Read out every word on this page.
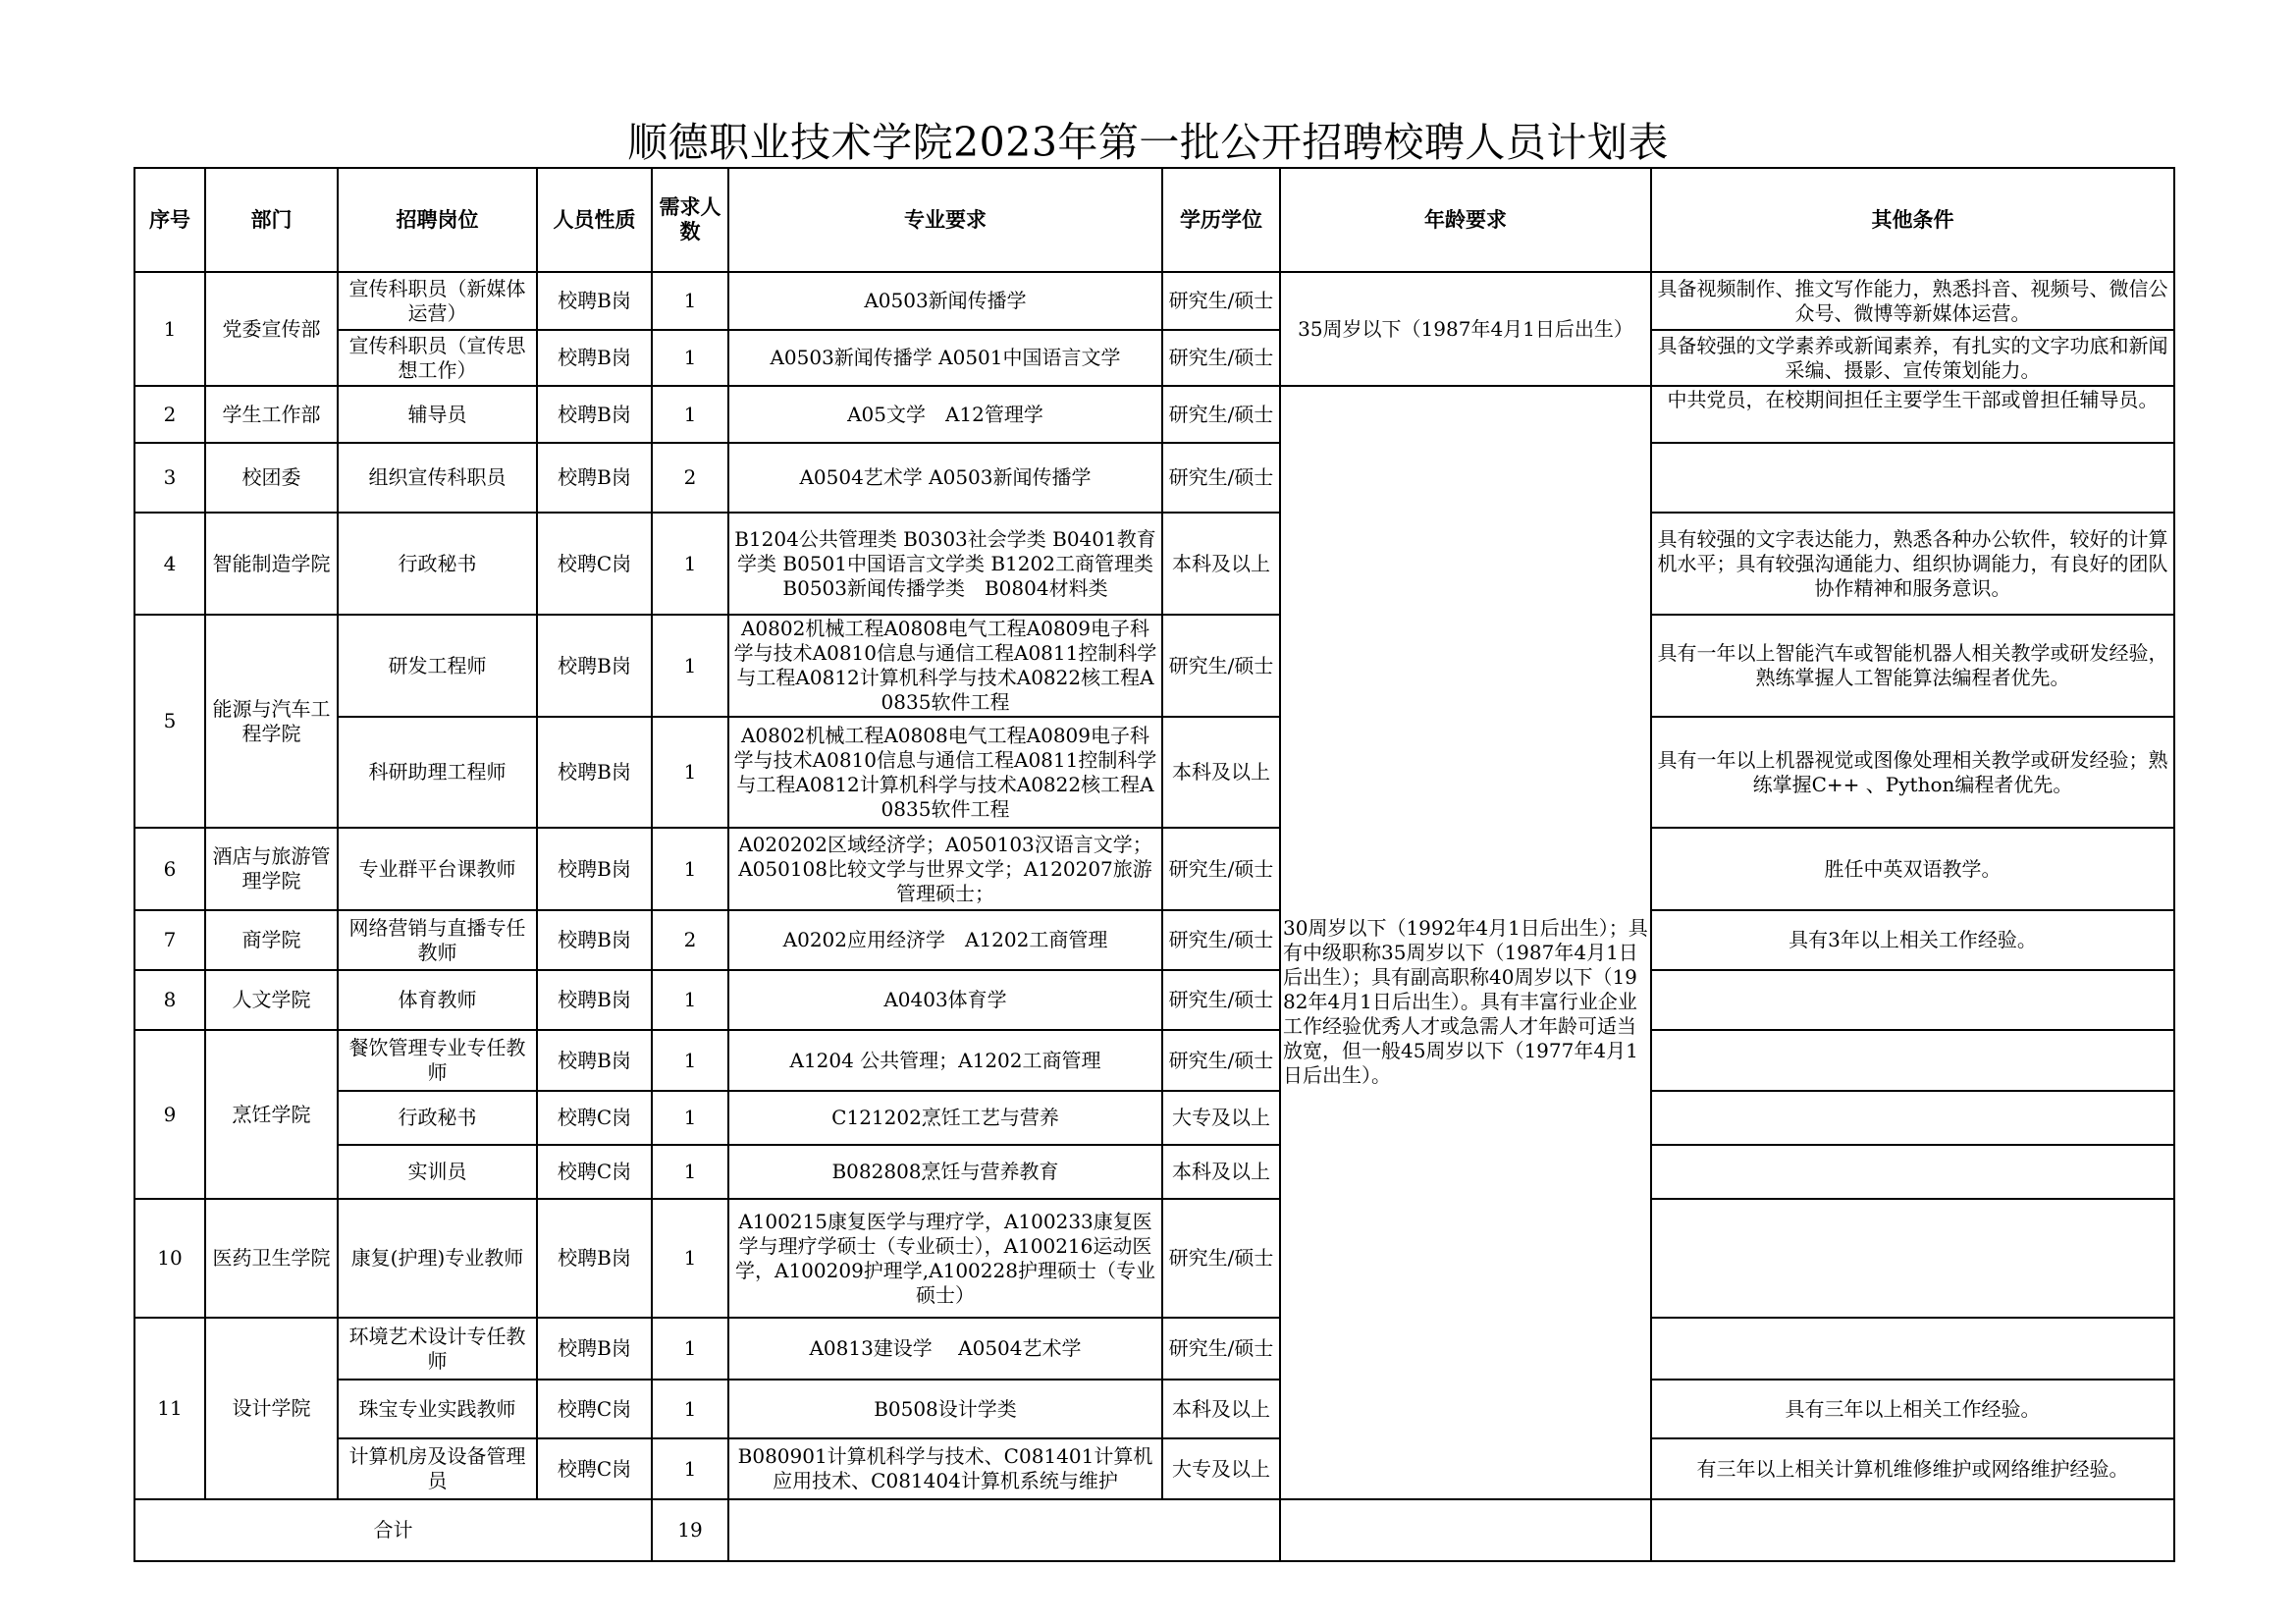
顺德职业技术学院2023年第一批公开招聘校聘人员计划表
序号	部门	招聘岗位	人员性质	需求人数	专业要求	学历学位	年龄要求	其他条件
1	党委宣传部	宣传科职员（新媒体运营）	校聘B岗	1	A0503新闻传播学	研究生/硕士	35周岁以下（1987年4月1日后出生）	具备视频制作、推文写作能力，熟悉抖音、视频号、微信公众号、微博等新媒体运营。
		宣传科职员（宣传思想工作）	校聘B岗	1	A0503新闻传播学 A0501中国语言文学	研究生/硕士		具备较强的文学素养或新闻素养，有扎实的文字功底和新闻采编、摄影、宣传策划能力。
2	学生工作部	辅导员	校聘B岗	1	A05文学　A12管理学	研究生/硕士	30周岁以下（1992年4月1日后出生）；具有中级职称35周岁以下（1987年4月1日后出生）；具有副高职称40周岁以下（1982年4月1日后出生）。具有丰富行业企业工作经验优秀人才或急需人才年龄可适当放宽，但一般45周岁以下（1977年4月1日后出生）。	中共党员，在校期间担任主要学生干部或曾担任辅导员。
3	校团委	组织宣传科职员	校聘B岗	2	A0504艺术学 A0503新闻传播学	研究生/硕士		
4	智能制造学院	行政秘书	校聘C岗	1	B1204公共管理类 B0303社会学类 B0401教育学类 B0501中国语言文学类 B1202工商管理类 B0503新闻传播学类　B0804材料类	本科及以上		具有较强的文字表达能力，熟悉各种办公软件，较好的计算机水平；具有较强沟通能力、组织协调能力，有良好的团队协作精神和服务意识。
5	能源与汽车工程学院	研发工程师	校聘B岗	1	A0802机械工程A0808电气工程A0809电子科学与技术A0810信息与通信工程A0811控制科学与工程A0812计算机科学与技术A0822核工程A0835软件工程	研究生/硕士		具有一年以上智能汽车或智能机器人相关教学或研发经验，熟练掌握人工智能算法编程者优先。
		科研助理工程师	校聘B岗	1	A0802机械工程A0808电气工程A0809电子科学与技术A0810信息与通信工程A0811控制科学与工程A0812计算机科学与技术A0822核工程A0835软件工程	本科及以上		具有一年以上机器视觉或图像处理相关教学或研发经验；熟练掌握C++ 、Python编程者优先。
6	酒店与旅游管理学院	专业群平台课教师	校聘B岗	1	A020202区域经济学；A050103汉语言文学；A050108比较文学与世界文学；A120207旅游管理硕士；	研究生/硕士		胜任中英双语教学。
7	商学院	网络营销与直播专任教师	校聘B岗	2	A0202应用经济学　A1202工商管理	研究生/硕士		具有3年以上相关工作经验。
8	人文学院	体育教师	校聘B岗	1	A0403体育学	研究生/硕士		
9	烹饪学院	餐饮管理专业专任教师	校聘B岗	1	A1204 公共管理；A1202工商管理	研究生/硕士		
		行政秘书	校聘C岗	1	C121202烹饪工艺与营养	大专及以上		
		实训员	校聘C岗	1	B082808烹饪与营养教育	本科及以上		
10	医药卫生学院	康复(护理)专业教师	校聘B岗	1	A100215康复医学与理疗学，A100233康复医学与理疗学硕士（专业硕士），A100216运动医学，A100209护理学,A100228护理硕士（专业硕士）	研究生/硕士		
11	设计学院	环境艺术设计专任教师	校聘B岗	1	A0813建设学　 A0504艺术学	研究生/硕士		
		珠宝专业实践教师	校聘C岗	1	B0508设计学类	本科及以上		具有三年以上相关工作经验。
		计算机房及设备管理员	校聘C岗	1	B080901计算机科学与技术、C081401计算机应用技术、C081404计算机系统与维护	大专及以上		有三年以上相关计算机维修维护或网络维护经验。
合计				19				
